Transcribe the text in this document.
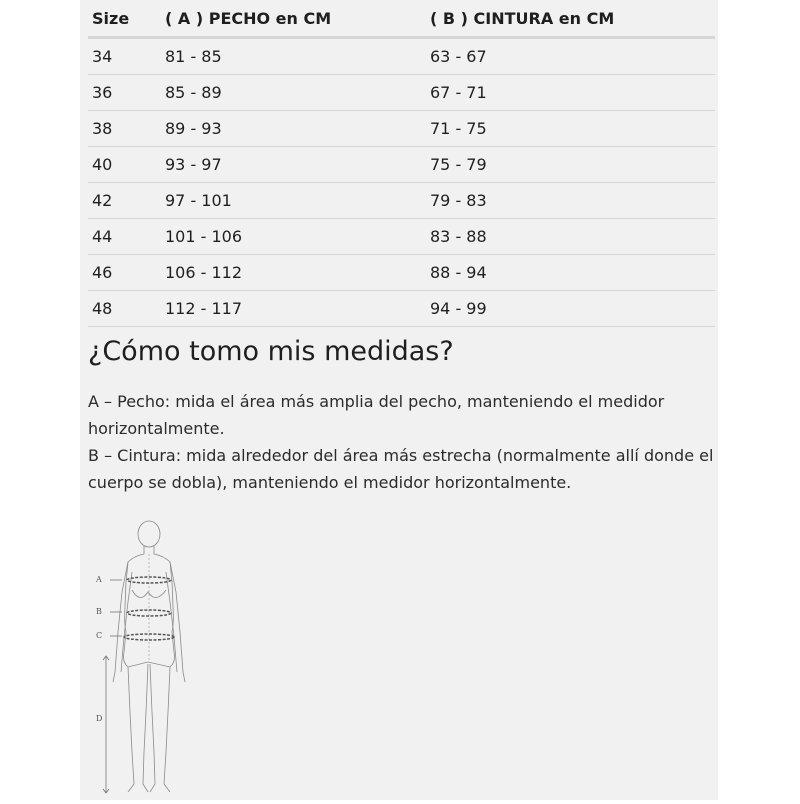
Size	( A ) PECHO en CM	( B ) CINTURA en CM
34	81 - 85	63 - 67
36	85 - 89	67 - 71
38	89 - 93	71 - 75
40	93 - 97	75 - 79
42	97 - 101	79 - 83
44	101 - 106	83 - 88
46	106 - 112	88 - 94
48	112 - 117	94 - 99
¿Cómo tomo mis medidas?

A – Pecho: mida el área más amplia del pecho, manteniendo el medidor horizontalmente.
B – Cintura: mida alrededor del área más estrecha (normalmente allí donde el cuerpo se dobla), manteniendo el medidor horizontalmente.

A
B
C
D
